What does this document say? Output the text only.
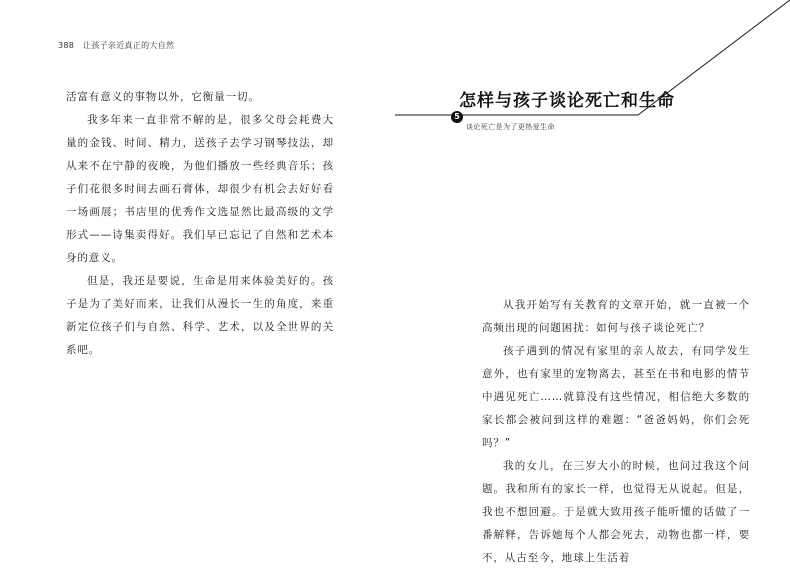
388 让孩子亲近真正的大自然

活富有意义的事物以外，它衡量一切。

我多年来一直非常不解的是，很多父母会耗费大量的金钱、时间、精力，送孩子去学习钢琴技法，却从来不在宁静的夜晚，为他们播放一些经典音乐；孩子们花很多时间去画石膏体，却很少有机会去好好看一场画展；书店里的优秀作文选显然比最高级的文学形式——诗集卖得好。我们早已忘记了自然和艺术本身的意义。

但是，我还是要说，生命是用来体验美好的。孩子是为了美好而来，让我们从漫长一生的角度，来重新定位孩子们与自然、科学、艺术，以及全世界的关系吧。

怎样与孩子谈论死亡和生命
5
谈论死亡是为了更热爱生命

从我开始写有关教育的文章开始，就一直被一个高频出现的问题困扰：如何与孩子谈论死亡？

孩子遇到的情况有家里的亲人故去，有同学发生意外，也有家里的宠物离去，甚至在书和电影的情节中遇见死亡……就算没有这些情况，相信绝大多数的家长都会被问到这样的难题：“爸爸妈妈，你们会死吗？”

我的女儿，在三岁大小的时候，也问过我这个问题。我和所有的家长一样，也觉得无从说起。但是，我也不想回避。于是就大致用孩子能听懂的话做了一番解释，告诉她每个人都会死去，动物也都一样，要不，从古至今，地球上生活着
